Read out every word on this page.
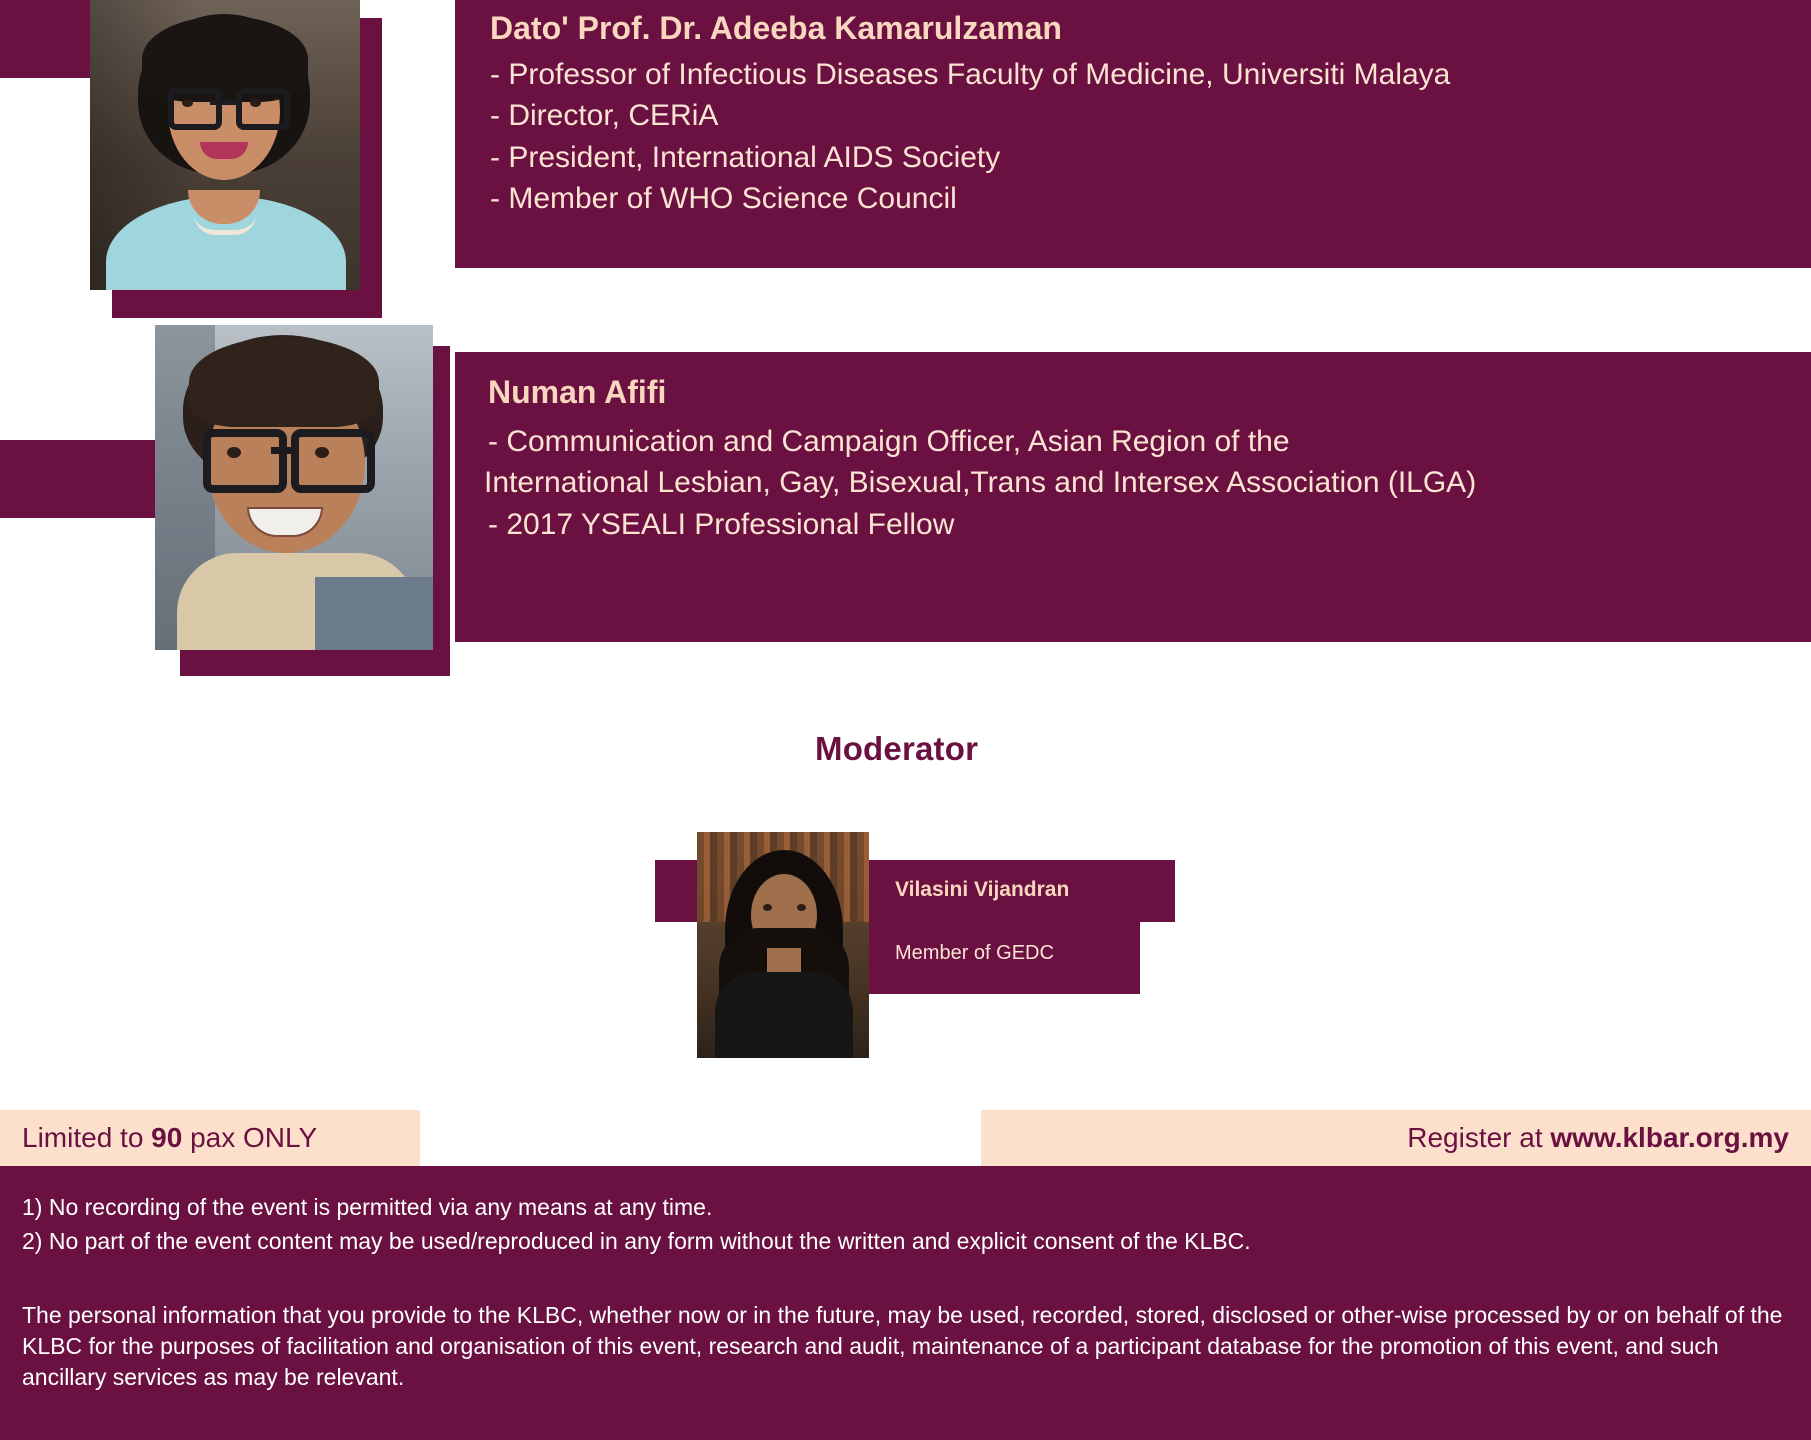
Dato' Prof. Dr. Adeeba Kamarulzaman
- Professor of Infectious Diseases Faculty of Medicine, Universiti Malaya
- Director, CERiA
- President, International AIDS Society
- Member of WHO Science Council
Numan Afifi
- Communication and Campaign Officer, Asian Region of the
International Lesbian, Gay, Bisexual,Trans and Intersex Association (ILGA)
- 2017 YSEALI Professional Fellow
Moderator
Vilasini Vijandran
Member of GEDC
Limited to 90 pax ONLY	Register at www.klbar.org.my
1) No recording of the event is permitted via any means at any time.
2) No part of the event content may be used/reproduced in any form without the written and explicit consent of the KLBC.
The personal information that you provide to the KLBC, whether now or in the future, may be used, recorded, stored, disclosed or other-wise processed by or on behalf of the KLBC for the purposes of facilitation and organisation of this event, research and audit, maintenance of a participant database for the promotion of this event, and such ancillary services as may be relevant.
